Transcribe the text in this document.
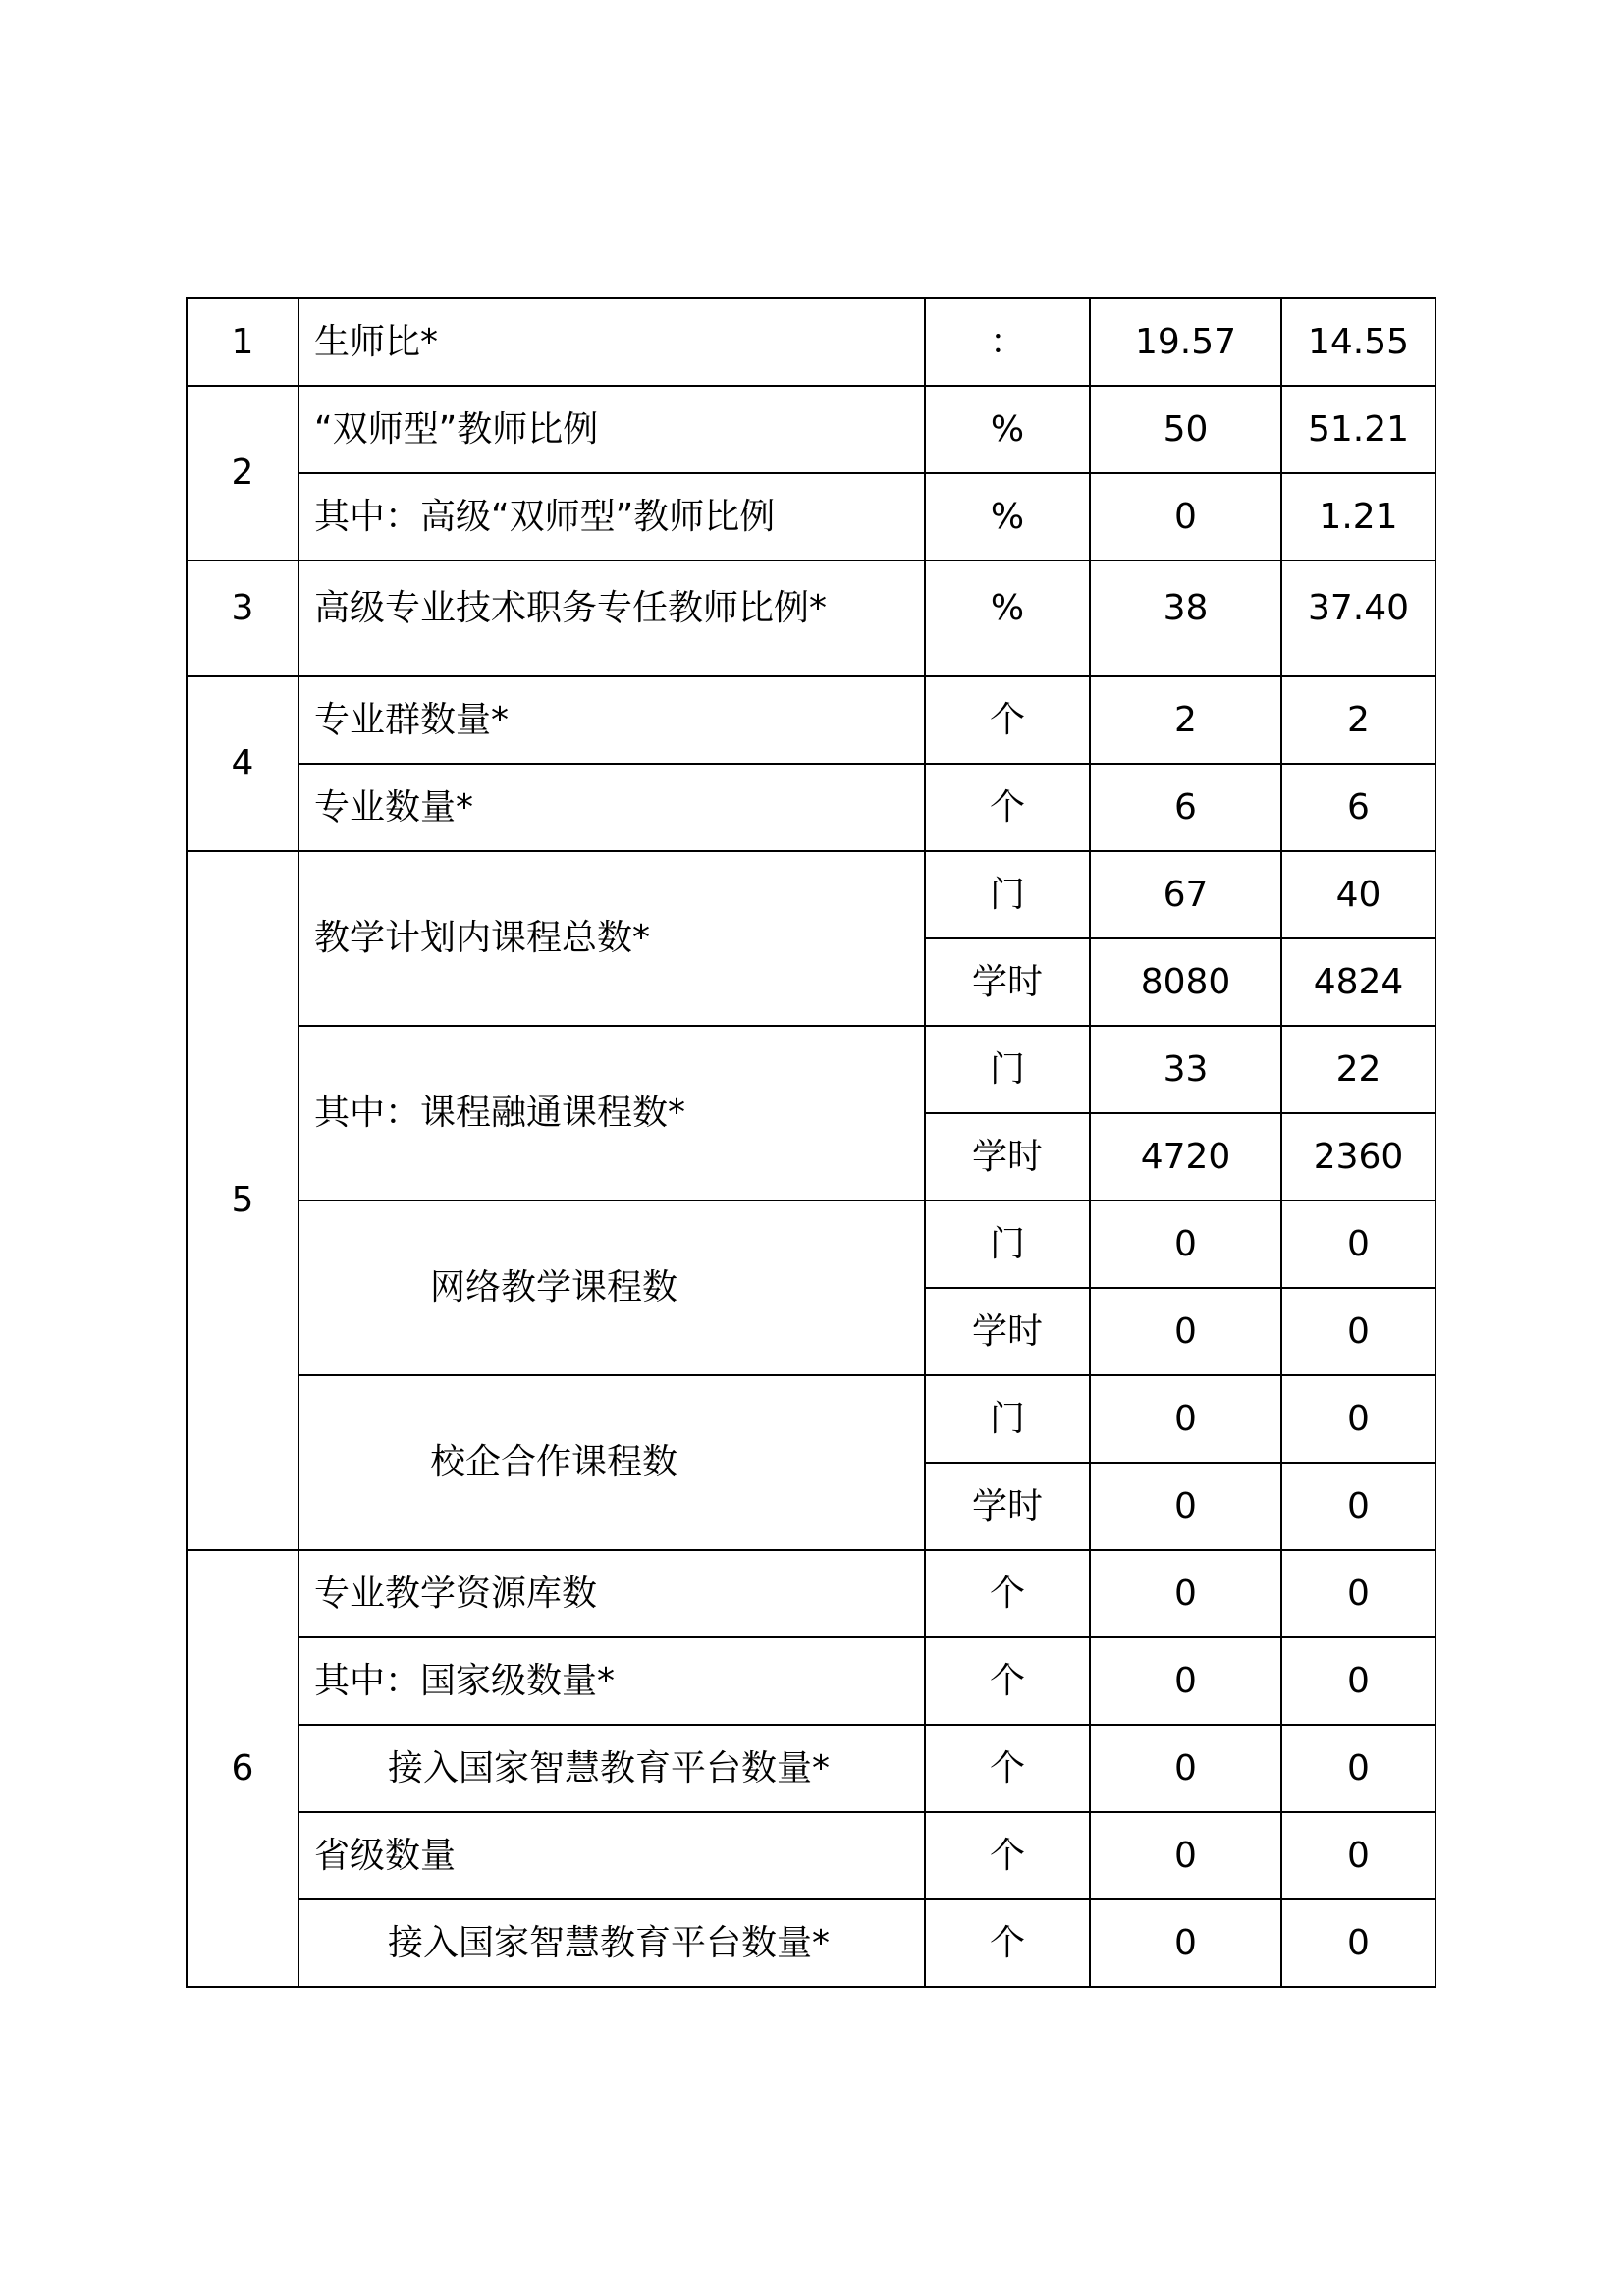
1	生师比*	：	19.57	14.55
2	“双师型”教师比例	%	50	51.21
	其中：高级“双师型”教师比例	%	0	1.21
3	高级专业技术职务专任教师比例*	%	38	37.40
4	专业群数量*	个	2	2
	专业数量*	个	6	6
5	教学计划内课程总数*	门	67	40
		学时	8080	4824
	其中：课程融通课程数*	门	33	22
		学时	4720	2360
	网络教学课程数	门	0	0
		学时	0	0
	校企合作课程数	门	0	0
		学时	0	0
6	专业教学资源库数	个	0	0
	其中：国家级数量*	个	0	0
	接入国家智慧教育平台数量*	个	0	0
	省级数量	个	0	0
	接入国家智慧教育平台数量*	个	0	0
